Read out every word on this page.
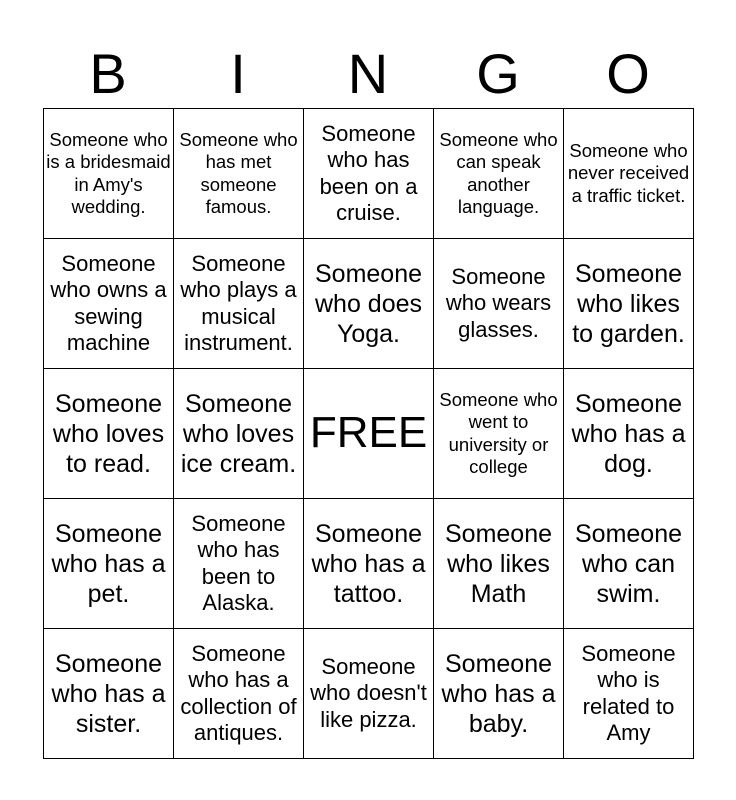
B	I	N	G	O
Someone who is a bridesmaid in Amy's wedding.	Someone who has met someone famous.	Someone who has been on a cruise.	Someone who can speak another language.	Someone who never received a traffic ticket.
Someone who owns a sewing machine	Someone who plays a musical instrument.	Someone who does Yoga.	Someone who wears glasses.	Someone who likes to garden.
Someone who loves to read.	Someone who loves ice cream.	FREE	Someone who went to university or college	Someone who has a dog.
Someone who has a pet.	Someone who has been to Alaska.	Someone who has a tattoo.	Someone who likes Math	Someone who can swim.
Someone who has a sister.	Someone who has a collection of antiques.	Someone who doesn't like pizza.	Someone who has a baby.	Someone who is related to Amy
